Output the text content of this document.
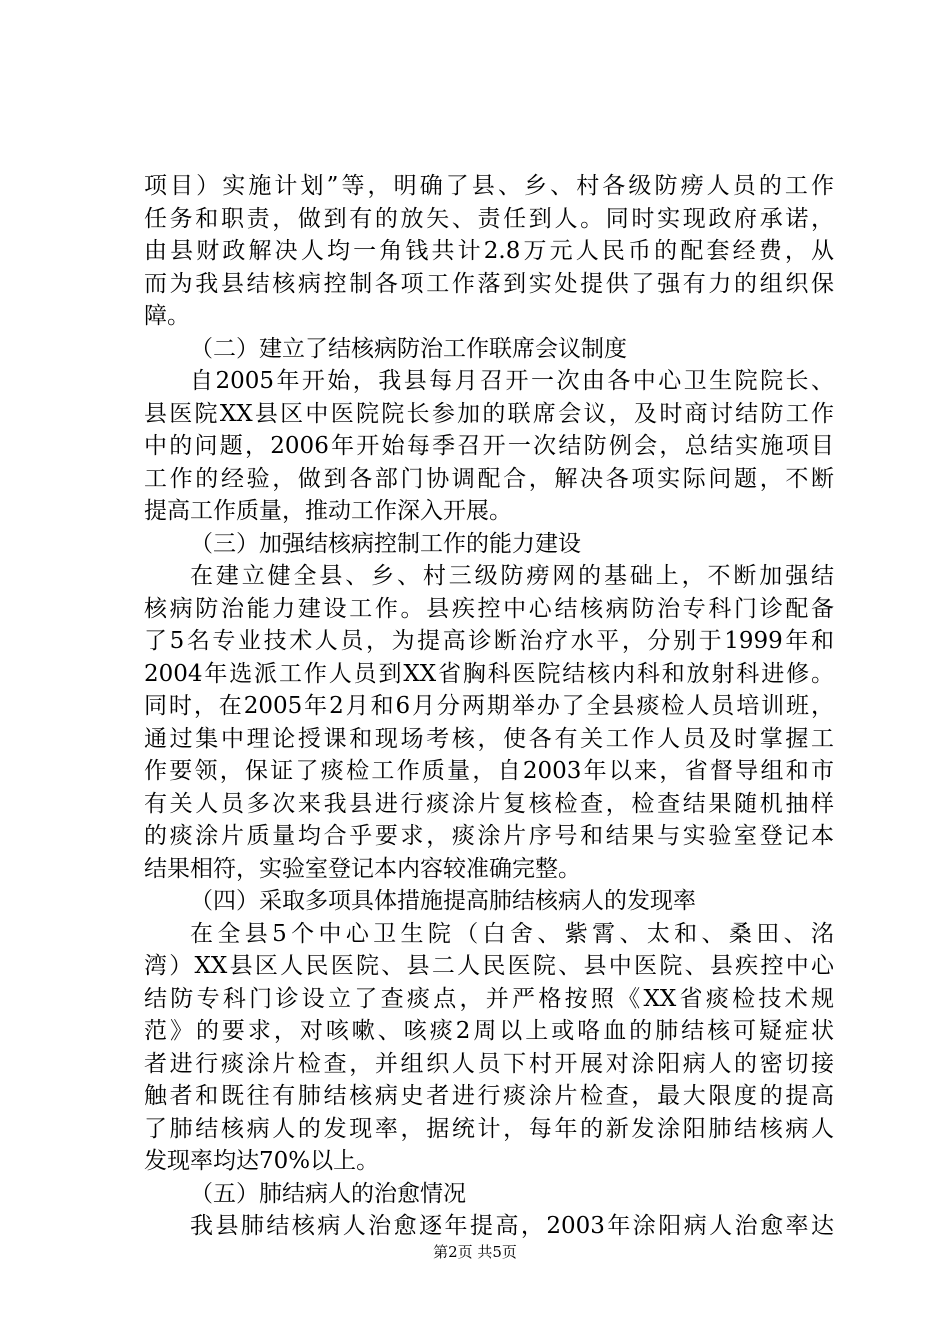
项目）实施计划”等，明确了县、乡、村各级防痨人员的工作
任务和职责，做到有的放矢、责任到人。同时实现政府承诺，
由县财政解决人均一角钱共计2.8万元人民币的配套经费，从
而为我县结核病控制各项工作落到实处提供了强有力的组织保
障。
（二）建立了结核病防治工作联席会议制度
自2005年开始，我县每月召开一次由各中心卫生院院长、
县医院XX县区中医院院长参加的联席会议，及时商讨结防工作
中的问题，2006年开始每季召开一次结防例会，总结实施项目
工作的经验，做到各部门协调配合，解决各项实际问题，不断
提高工作质量，推动工作深入开展。
（三）加强结核病控制工作的能力建设
在建立健全县、乡、村三级防痨网的基础上，不断加强结
核病防治能力建设工作。县疾控中心结核病防治专科门诊配备
了5名专业技术人员，为提高诊断治疗水平，分别于1999年和
2004年选派工作人员到XX省胸科医院结核内科和放射科进修。
同时，在2005年2月和6月分两期举办了全县痰检人员培训班，
通过集中理论授课和现场考核，使各有关工作人员及时掌握工
作要领，保证了痰检工作质量，自2003年以来，省督导组和市
有关人员多次来我县进行痰涂片复核检查，检查结果随机抽样
的痰涂片质量均合乎要求，痰涂片序号和结果与实验室登记本
结果相符，实验室登记本内容较准确完整。
（四）采取多项具体措施提高肺结核病人的发现率
在全县5个中心卫生院（白舍、紫霄、太和、桑田、洺
湾）XX县区人民医院、县二人民医院、县中医院、县疾控中心
结防专科门诊设立了查痰点，并严格按照《XX省痰检技术规
范》的要求，对咳嗽、咳痰2周以上或咯血的肺结核可疑症状
者进行痰涂片检查，并组织人员下村开展对涂阳病人的密切接
触者和既往有肺结核病史者进行痰涂片检查，最大限度的提高
了肺结核病人的发现率，据统计，每年的新发涂阳肺结核病人
发现率均达70%以上。
（五）肺结病人的治愈情况
我县肺结核病人治愈逐年提高，2003年涂阳病人治愈率达
第2页 共5页
